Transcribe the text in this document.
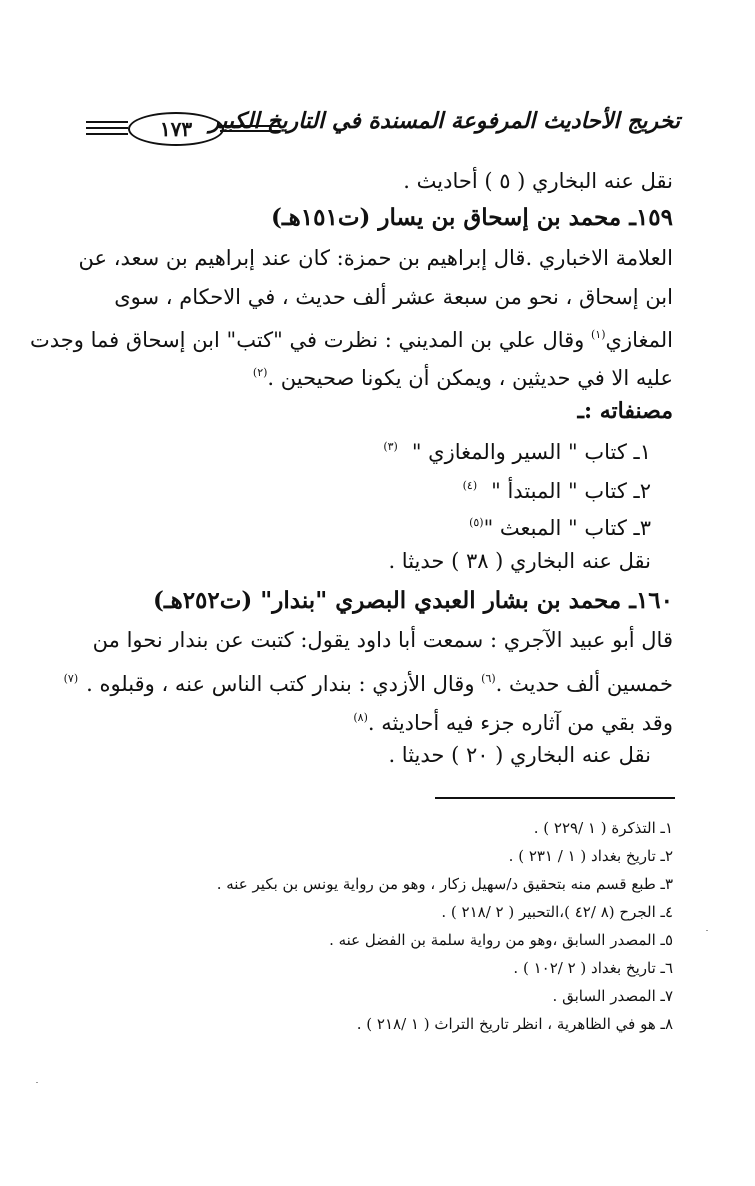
تخريج الأحاديث المرفوعة المسندة في التاريخ الكبير
١٧٣
نقل عنه البخاري ( ٥ ) أحاديث .
١٥٩ـ محمد بن إسحاق بن يسار (ت١٥١هـ)
العلامة الاخباري .قال إبراهيم بن حمزة: كان عند إبراهيم بن سعد، عن
ابن إسحاق ، نحو من سبعة عشر ألف حديث ، في الاحكام ، سوى
المغازي$^{(١)}$ وقال علي بن المديني : نظرت في "كتب" ابن إسحاق فما وجدت
عليه الا في حديثين ، ويمكن أن يكونا صحيحين .$^{(٢)}$
مصنفاته :ـ
١ـ كتاب " السير والمغازي "$^{(٣)}$
٢ـ كتاب " المبتدأ "$^{(٤)}$
٣ـ كتاب " المبعث "$^{(٥)}$
نقل عنه البخاري ( ٣٨ ) حديثا .
١٦٠ـ محمد بن بشار العبدي البصري "بندار" (ت٢٥٢هـ)
قال أبو عبيد الآجري : سمعت أبا داود يقول: كتبت عن بندار نحوا من
خمسين ألف حديث .$^{(٦)}$ وقال الأزدي : بندار كتب الناس عنه ، وقبلوه .$^{(٧)}$
وقد بقي من آثاره جزء فيه أحاديثه .$^{(٨)}$
نقل عنه البخاري ( ٢٠ ) حديثا .
١ـ التذكرة ( ١ /٢٢٩ ) .
٢ـ تاريخ بغداد ( ١ / ٢٣١ ) .
٣ـ طبع قسم منه بتحقيق د/سهيل زكار ، وهو من رواية يونس بن بكير عنه .
٤ـ الجرح (٨ /٤٢ )،التحبير ( ٢ /٢١٨ ) .
٥ـ المصدر السابق ،وهو من رواية سلمة بن الفضل عنه .
٦ـ تاريخ بغداد ( ٢ /١٠٢ ) .
٧ـ المصدر السابق .
٨ـ هو في الظاهرية ، انظر تاريخ التراث ( ١ /٢١٨ ) .
